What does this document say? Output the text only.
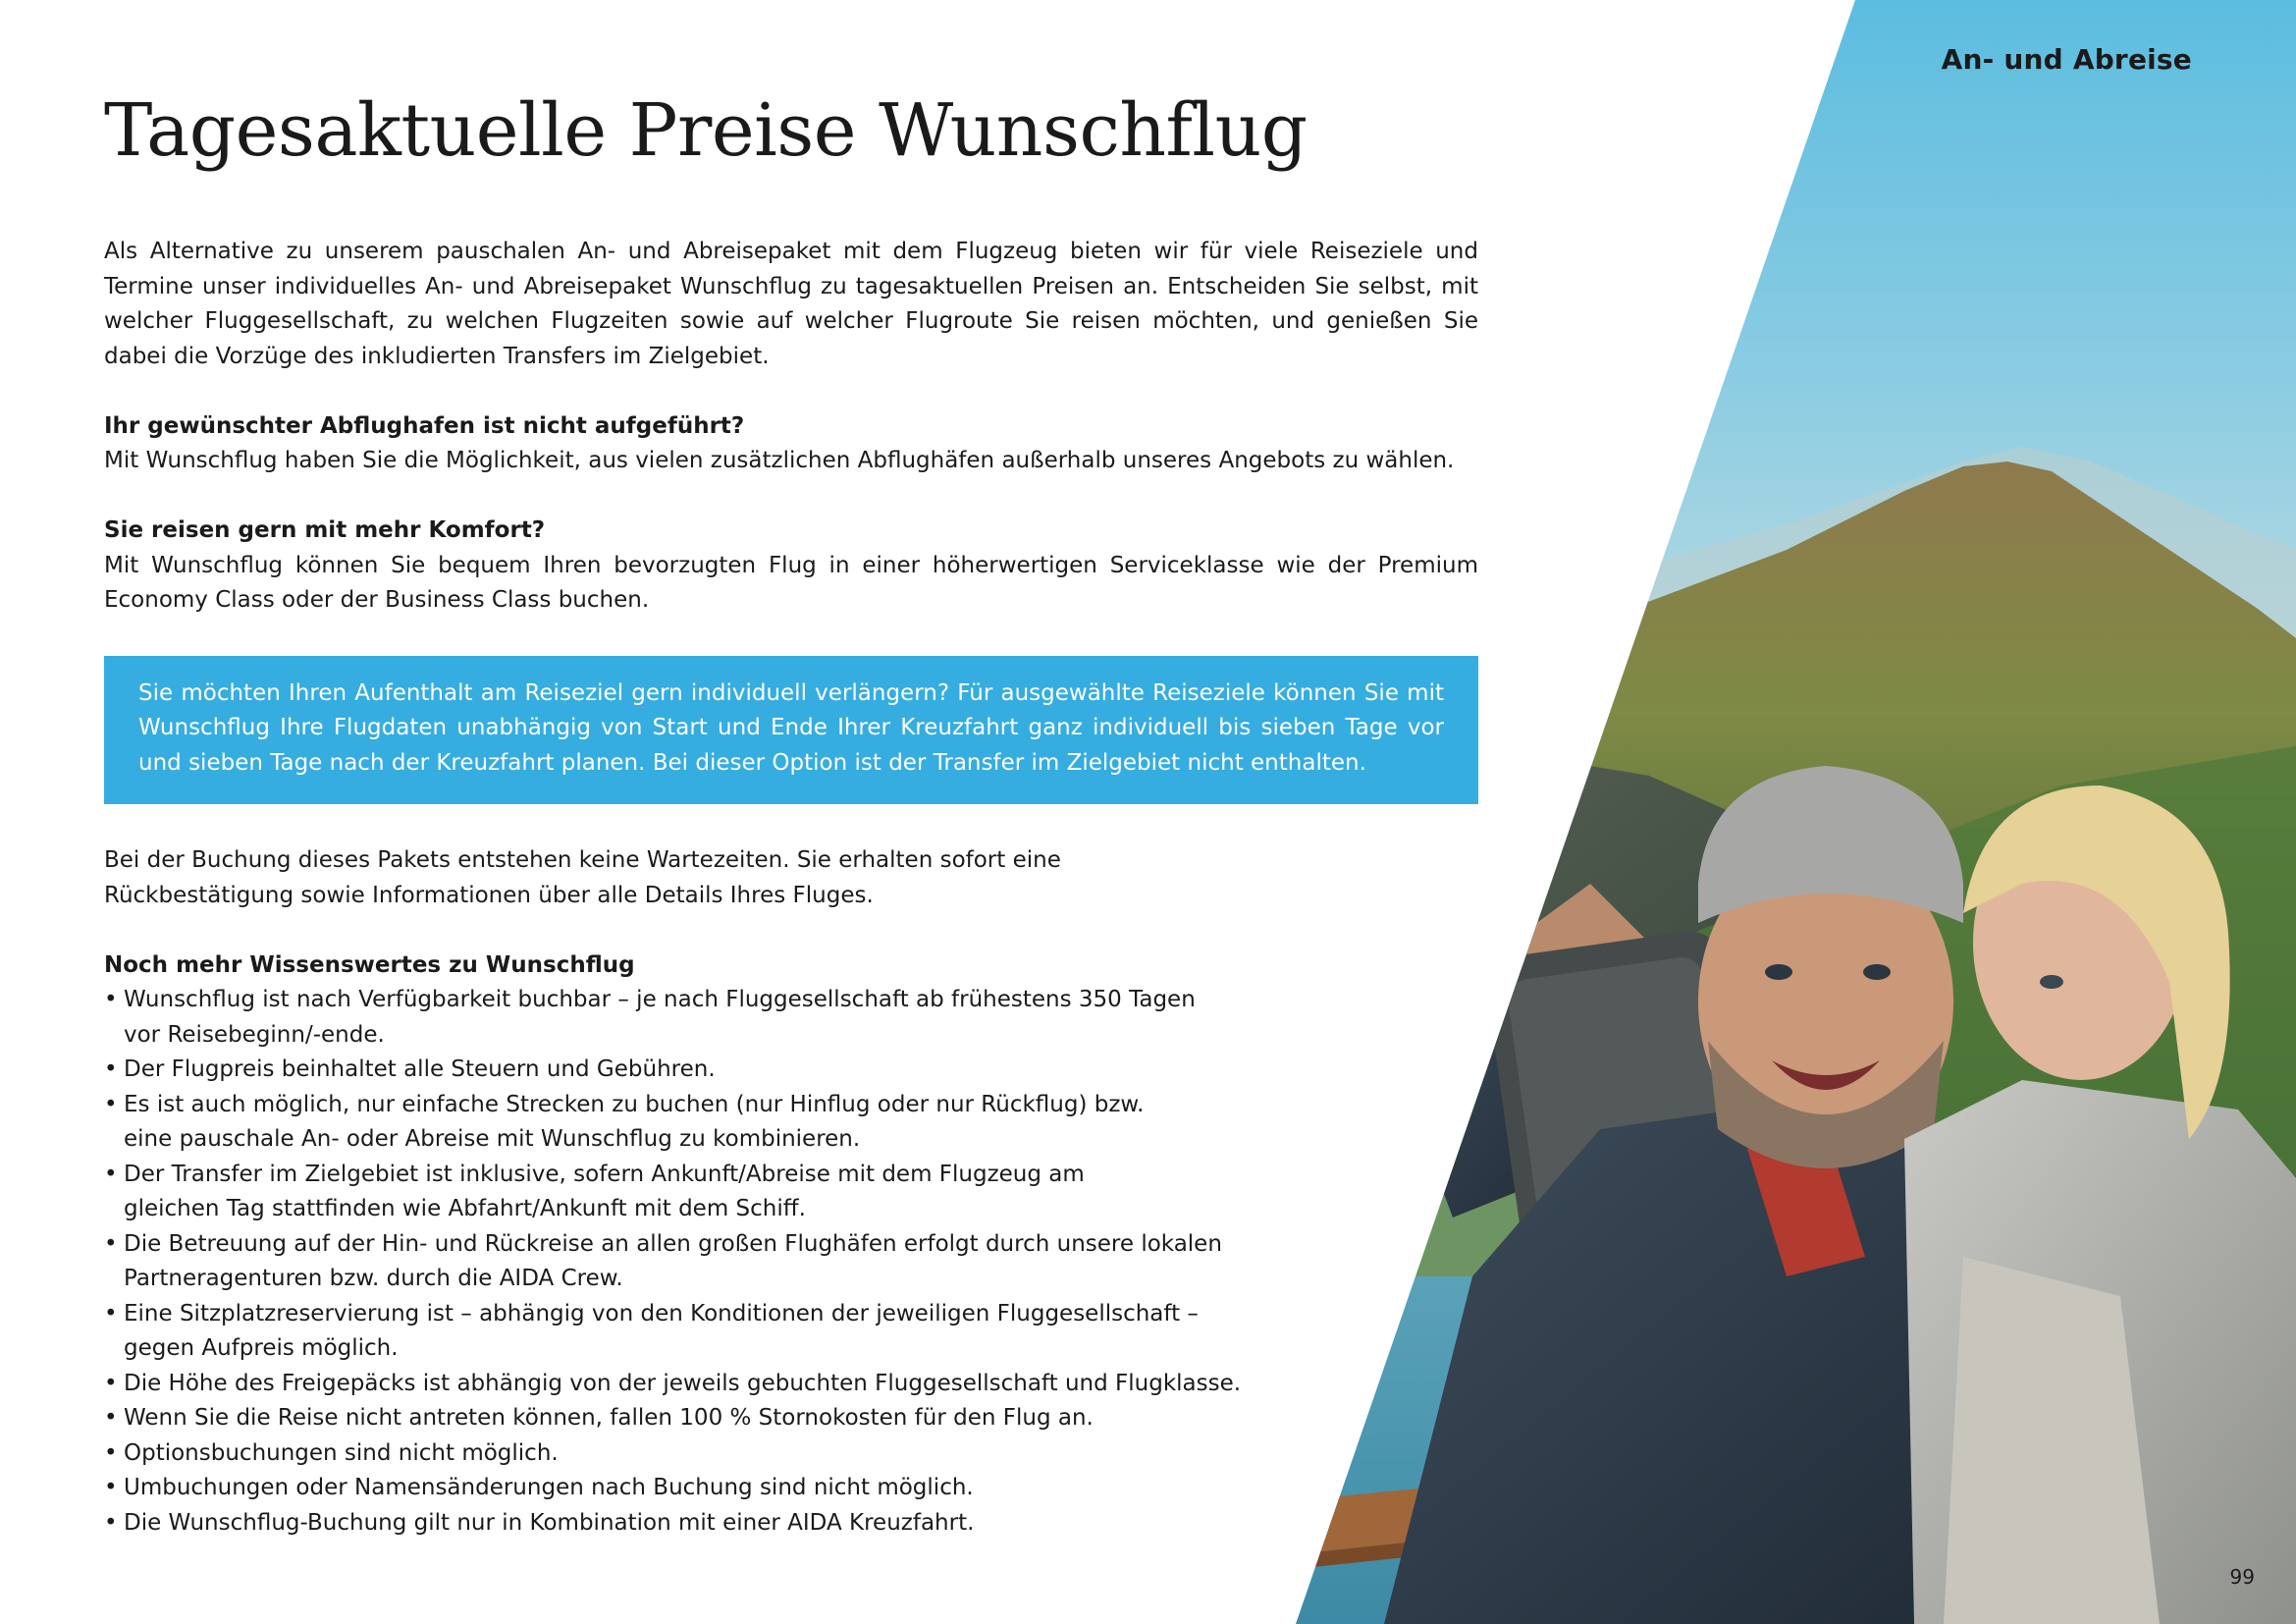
An- und Abreise
Tagesaktuelle Preise Wunschflug

Als Alternative zu unserem pauschalen An- und Abreisepaket mit dem Flugzeug bieten wir für viele Reiseziele und Termine unser individuelles An- und Abreisepaket Wunschflug zu tagesaktuellen Preisen an. Entscheiden Sie selbst, mit welcher Fluggesellschaft, zu welchen Flugzeiten sowie auf welcher Flugroute Sie reisen möchten, und genießen Sie dabei die Vorzüge des inkludierten Transfers im Zielgebiet.

Ihr gewünschter Abflughafen ist nicht aufgeführt?

Mit Wunschflug haben Sie die Möglichkeit, aus vielen zusätzlichen Abflughäfen außerhalb unseres Angebots zu wählen.

Sie reisen gern mit mehr Komfort?

Mit Wunschflug können Sie bequem Ihren bevorzugten Flug in einer höherwertigen Serviceklasse wie der Premium Economy Class oder der Business Class buchen.

Sie möchten Ihren Aufenthalt am Reiseziel gern individuell verlängern? Für ausgewählte Reiseziele können Sie mit Wunschflug Ihre Flugdaten unabhängig von Start und Ende Ihrer Kreuzfahrt ganz individuell bis sieben Tage vor und sieben Tage nach der Kreuzfahrt planen. Bei dieser Option ist der Transfer im Zielgebiet nicht enthalten.

Bei der Buchung dieses Pakets entstehen keine Wartezeiten. Sie erhalten sofort eine

Rückbestätigung sowie Informationen über alle Details Ihres Fluges.

Noch mehr Wissenswertes zu Wunschflug

• Wunschflug ist nach Verfügbarkeit buchbar – je nach Fluggesellschaft ab frühestens 350 Tagen
vor Reisebeginn/-ende.
• Der Flugpreis beinhaltet alle Steuern und Gebühren.
• Es ist auch möglich, nur einfache Strecken zu buchen (nur Hinflug oder nur Rückflug) bzw.
eine pauschale An- oder Abreise mit Wunschflug zu kombinieren.
• Der Transfer im Zielgebiet ist inklusive, sofern Ankunft/Abreise mit dem Flugzeug am
gleichen Tag stattfinden wie Abfahrt/Ankunft mit dem Schiff.
• Die Betreuung auf der Hin- und Rückreise an allen großen Flughäfen erfolgt durch unsere lokalen
Partneragenturen bzw. durch die AIDA Crew.
• Eine Sitzplatzreservierung ist – abhängig von den Konditionen der jeweiligen Fluggesellschaft –
gegen Aufpreis möglich.
• Die Höhe des Freigepäcks ist abhängig von der jeweils gebuchten Fluggesellschaft und Flugklasse.
• Wenn Sie die Reise nicht antreten können, fallen 100 % Stornokosten für den Flug an.
• Optionsbuchungen sind nicht möglich.
• Umbuchungen oder Namensänderungen nach Buchung sind nicht möglich.
• Die Wunschflug-Buchung gilt nur in Kombination mit einer AIDA Kreuzfahrt.
99
